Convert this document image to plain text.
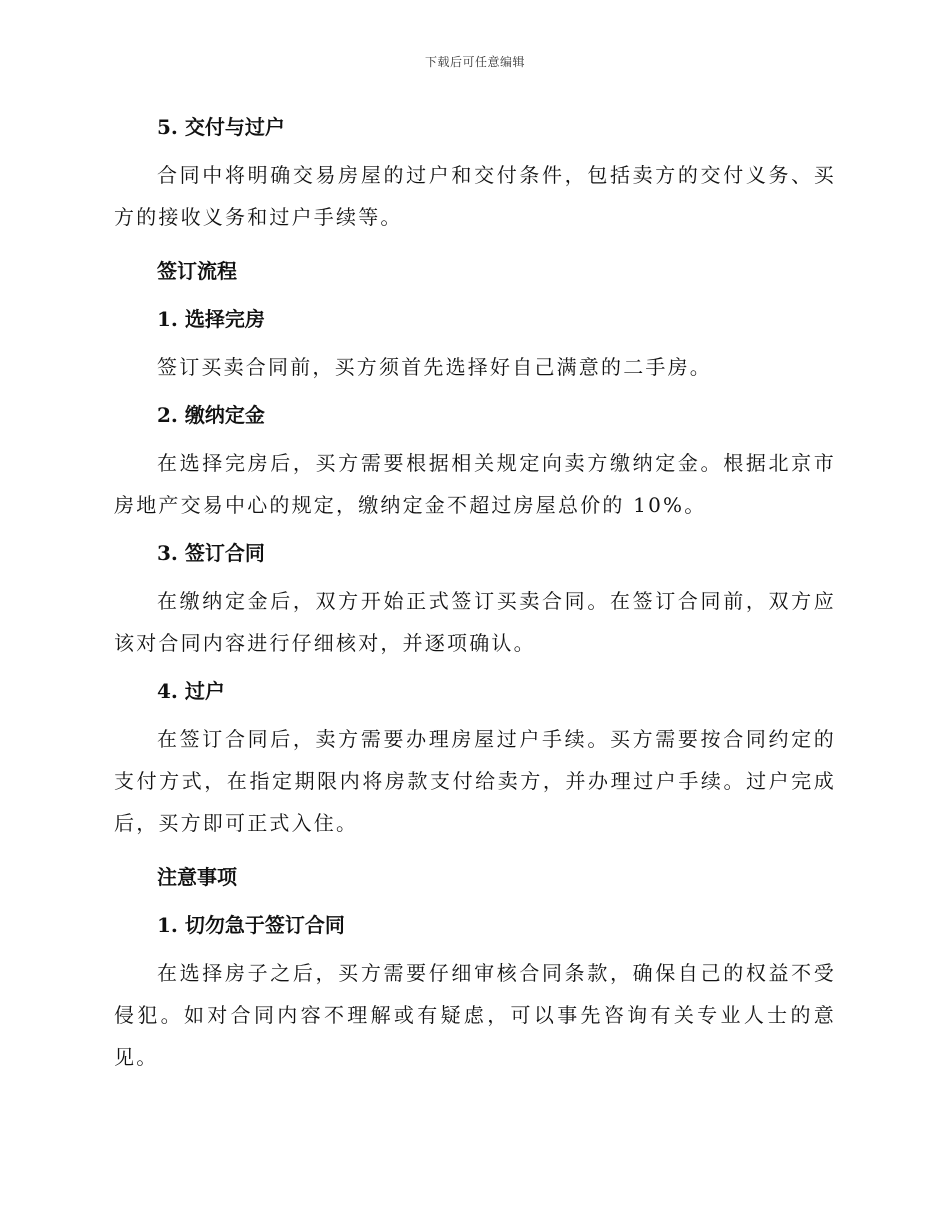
下载后可任意编辑

5. 交付与过户

合同中将明确交易房屋的过户和交付条件，包括卖方的交付义务、买方的接收义务和过户手续等。

签订流程

1. 选择完房

签订买卖合同前，买方须首先选择好自己满意的二手房。

2. 缴纳定金

在选择完房后，买方需要根据相关规定向卖方缴纳定金。根据北京市房地产交易中心的规定，缴纳定金不超过房屋总价的 10%。

3. 签订合同

在缴纳定金后，双方开始正式签订买卖合同。在签订合同前，双方应该对合同内容进行仔细核对，并逐项确认。

4. 过户

在签订合同后，卖方需要办理房屋过户手续。买方需要按合同约定的支付方式，在指定期限内将房款支付给卖方，并办理过户手续。过户完成后，买方即可正式入住。

注意事项

1. 切勿急于签订合同

在选择房子之后，买方需要仔细审核合同条款，确保自己的权益不受侵犯。如对合同内容不理解或有疑虑，可以事先咨询有关专业人士的意见。
